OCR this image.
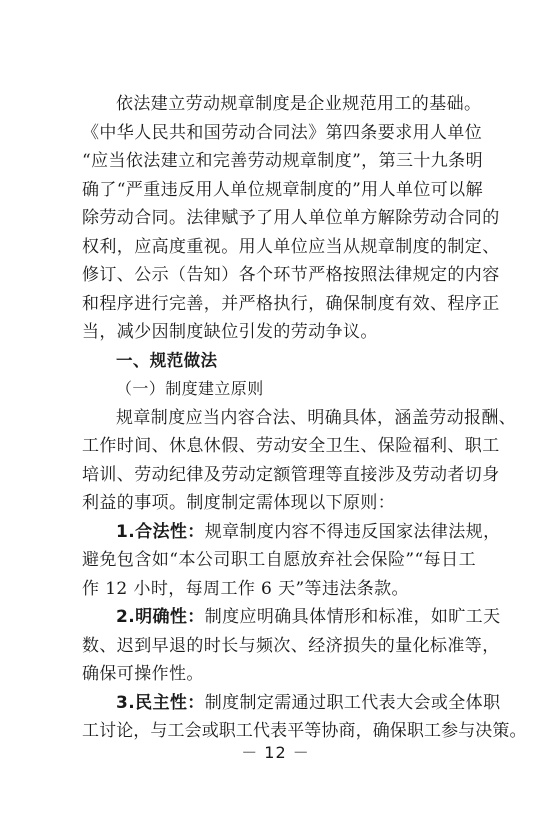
依法建立劳动规章制度是企业规范用工的基础。
《中华人民共和国劳动合同法》第四条要求用人单位
“应当依法建立和完善劳动规章制度”，第三十九条明
确了“严重违反用人单位规章制度的”用人单位可以解
除劳动合同。法律赋予了用人单位单方解除劳动合同的
权利，应高度重视。用人单位应当从规章制度的制定、
修订、公示（告知）各个环节严格按照法律规定的内容
和程序进行完善，并严格执行，确保制度有效、程序正
当，减少因制度缺位引发的劳动争议。
一、规范做法
（一）制度建立原则
规章制度应当内容合法、明确具体，涵盖劳动报酬、
工作时间、休息休假、劳动安全卫生、保险福利、职工
培训、劳动纪律及劳动定额管理等直接涉及劳动者切身
利益的事项。制度制定需体现以下原则：
1.合法性：规章制度内容不得违反国家法律法规，
避免包含如“本公司职工自愿放弃社会保险”“每日工
作 12 小时，每周工作 6 天”等违法条款。
2.明确性：制度应明确具体情形和标准，如旷工天
数、迟到早退的时长与频次、经济损失的量化标准等，
确保可操作性。
3.民主性：制度制定需通过职工代表大会或全体职
工讨论，与工会或职工代表平等协商，确保职工参与决策。
－ 12 －
